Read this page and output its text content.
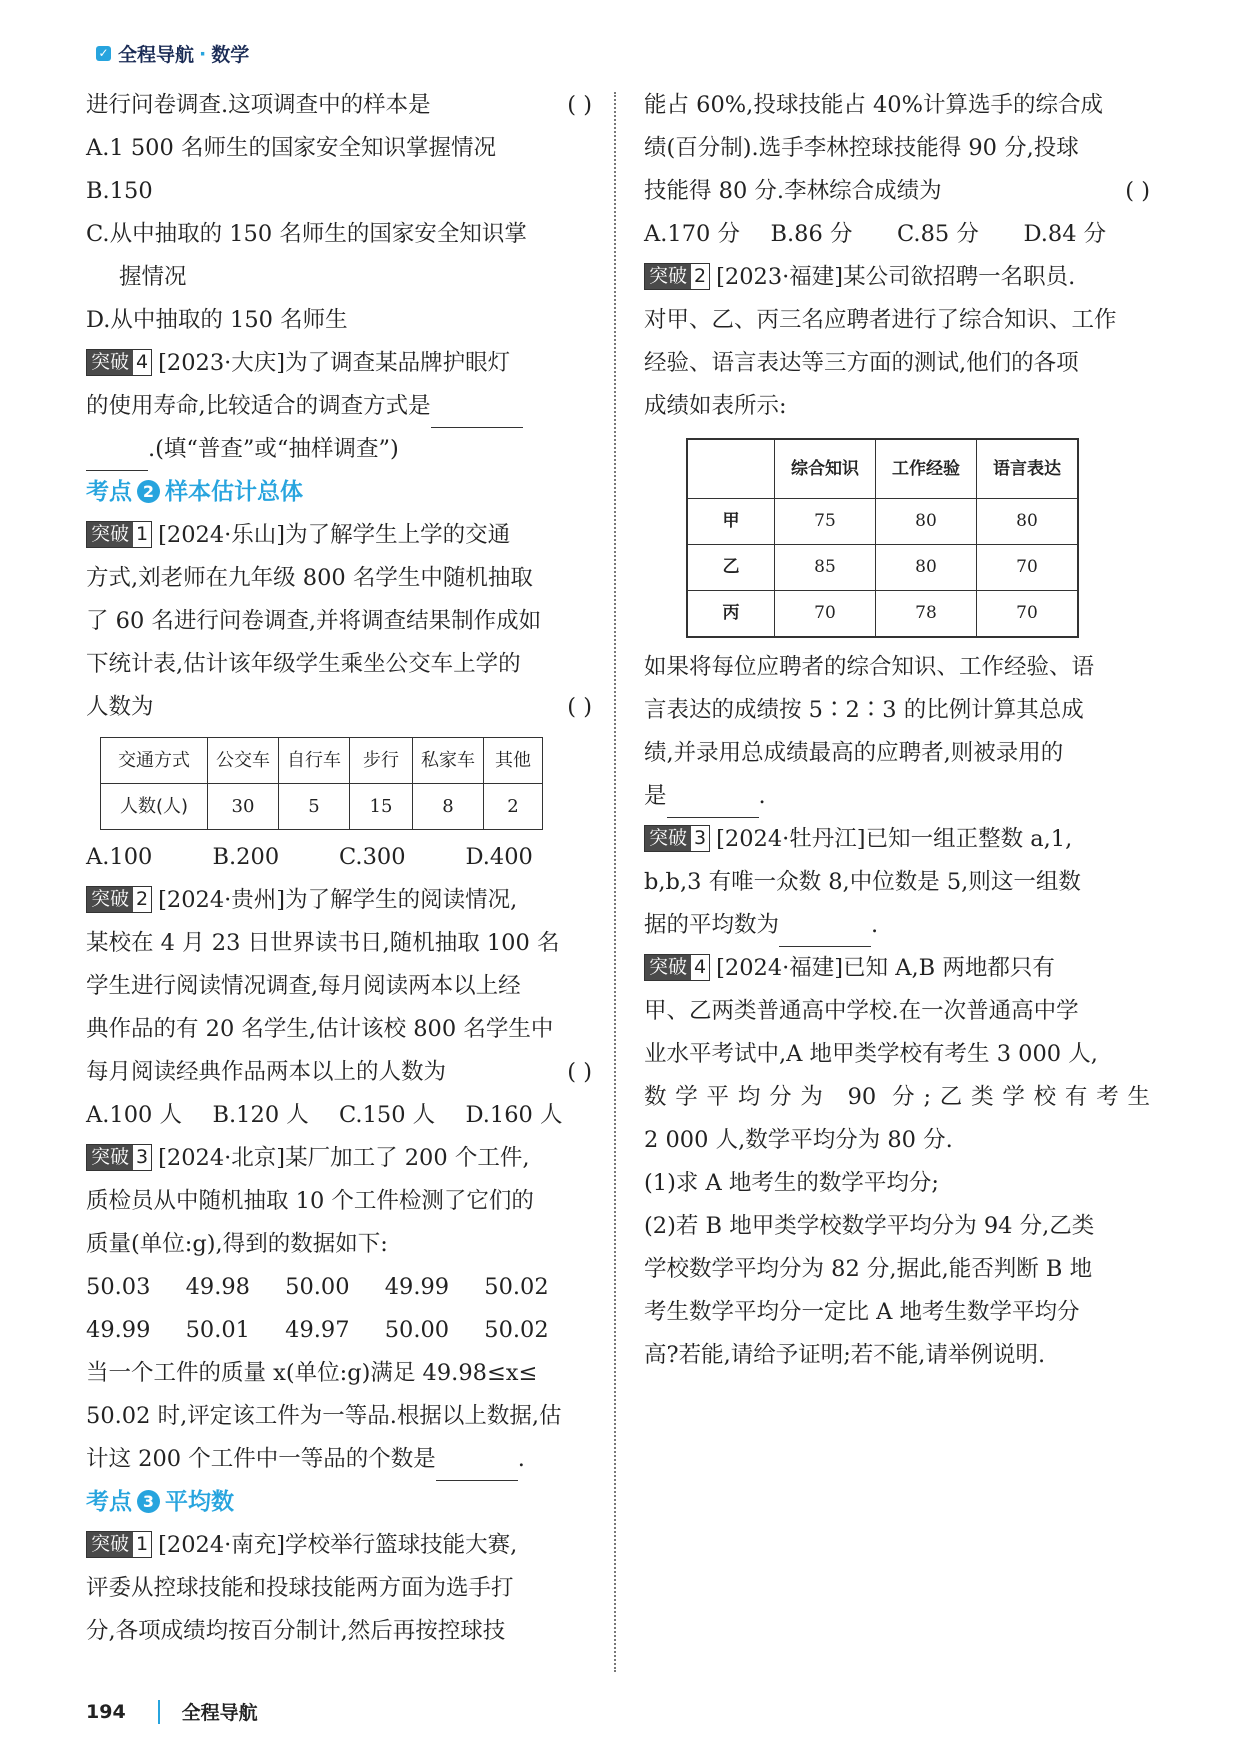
✓ 全程导航 · 数学
进行问卷调查.这项调查中的样本是	( )
A.1 500 名师生的国家安全知识掌握情况
B.150
C.从中抽取的 150 名师生的国家安全知识掌
握情况
D.从中抽取的 150 名师生
突破 4 [2023·大庆]为了调查某品牌护眼灯
的使用寿命,比较适合的调查方式是
.(填“普查”或“抽样调查”)
考点 2 样本估计总体
突破 1 [2024·乐山]为了解学生上学的交通
方式,刘老师在九年级 800 名学生中随机抽取
了 60 名进行问卷调查,并将调查结果制作成如
下统计表,估计该年级学生乘坐公交车上学的
人数为	( )
交通方式	公交车	自行车	步行	私家车	其他
人数(人)	30	5	15	8	2
A.100	B.200	C.300	D.400
突破 2 [2024·贵州]为了解学生的阅读情况,
某校在 4 月 23 日世界读书日,随机抽取 100 名
学生进行阅读情况调查,每月阅读两本以上经
典作品的有 20 名学生,估计该校 800 名学生中
每月阅读经典作品两本以上的人数为	( )
A.100 人	B.120 人	C.150 人	D.160 人
突破 3 [2024·北京]某厂加工了 200 个工件,
质检员从中随机抽取 10 个工件检测了它们的
质量(单位:g),得到的数据如下:
50.03 49.98 50.00 49.99 50.02
49.99 50.01 49.97 50.00 50.02
当一个工件的质量 x(单位:g)满足 49.98≤x≤
50.02 时,评定该工件为一等品.根据以上数据,估
计这 200 个工件中一等品的个数是	.
考点 3 平均数
突破 1 [2024·南充]学校举行篮球技能大赛,
评委从控球技能和投球技能两方面为选手打
分,各项成绩均按百分制计,然后再按控球技
能占 60%,投球技能占 40%计算选手的综合成
绩(百分制).选手李林控球技能得 90 分,投球
技能得 80 分.李林综合成绩为	( )
A.170 分	B.86 分	C.85 分	D.84 分
突破 2 [2023·福建]某公司欲招聘一名职员.
对甲、乙、丙三名应聘者进行了综合知识、工作
经验、语言表达等三方面的测试,他们的各项
成绩如表所示:
	综合知识	工作经验	语言表达
甲	75	80	80
乙	85	80	70
丙	70	78	70
如果将每位应聘者的综合知识、工作经验、语
言表达的成绩按 5∶2∶3 的比例计算其总成
绩,并录用总成绩最高的应聘者,则被录用的
是	.
突破 3 [2024·牡丹江]已知一组正整数 a,1,
b,b,3 有唯一众数 8,中位数是 5,则这一组数
据的平均数为	.
突破 4 [2024·福建]已知 A,B 两地都只有
甲、乙两类普通高中学校.在一次普通高中学
业水平考试中,A 地甲类学校有考生 3 000 人,
数学平均分为 90 分;乙类学校有考生
2 000 人,数学平均分为 80 分.
(1)求 A 地考生的数学平均分;
(2)若 B 地甲类学校数学平均分为 94 分,乙类
学校数学平均分为 82 分,据此,能否判断 B 地
考生数学平均分一定比 A 地考生数学平均分
高?若能,请给予证明;若不能,请举例说明.
194	全程导航
